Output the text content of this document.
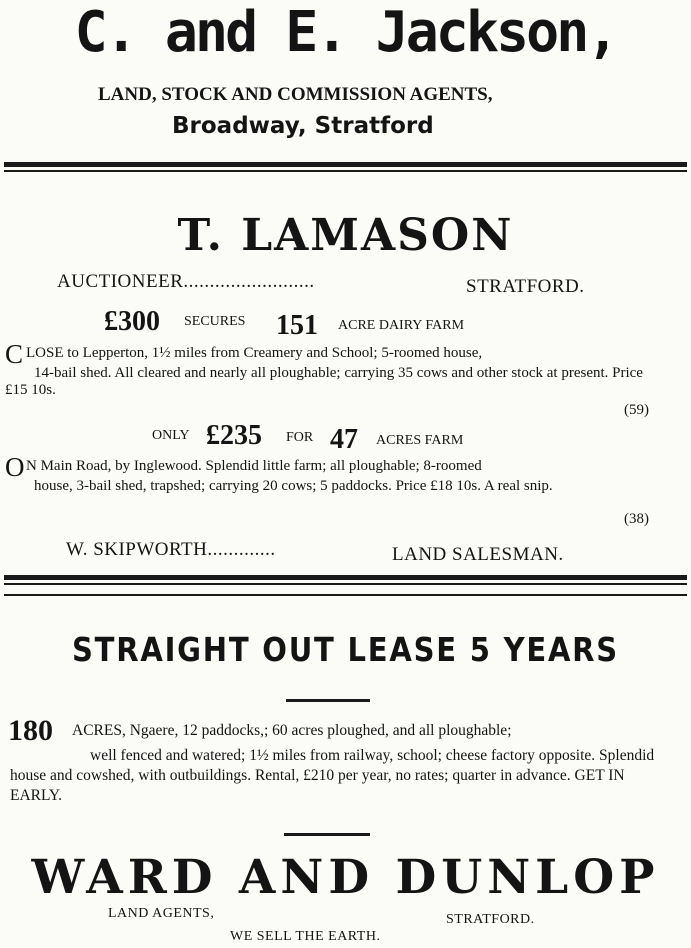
C. and E. Jackson,
LAND, STOCK AND COMMISSION AGENTS,
Broadway, Stratford
T. LAMASON
AUCTIONEER.........................	STRATFORD.
£300 SECURES 151 ACRE DAIRY FARM
C LOSE to Lepperton, 1½ miles from Creamery and School; 5-roomed house,
14-bail shed. All cleared and nearly all ploughable; carrying 35 cows and other stock at present. Price £15 10s.
(59)
ONLY £235 FOR 47 ACRES FARM
O N Main Road, by Inglewood. Splendid little farm; all ploughable; 8-roomed
house, 3-bail shed, trapshed; carrying 20 cows; 5 paddocks. Price £18 10s. A real snip.
(38)
W. SKIPWORTH.............	LAND SALESMAN.
STRAIGHT OUT LEASE 5 YEARS
180 ACRES, Ngaere, 12 paddocks,; 60 acres ploughed, and all ploughable;
well fenced and watered; 1½ miles from railway, school; cheese factory opposite. Splendid house and cowshed, with outbuildings. Rental, £210 per year, no rates; quarter in advance. GET IN EARLY.
WARD AND DUNLOP
LAND AGENTS,	STRATFORD.
WE SELL THE EARTH.
